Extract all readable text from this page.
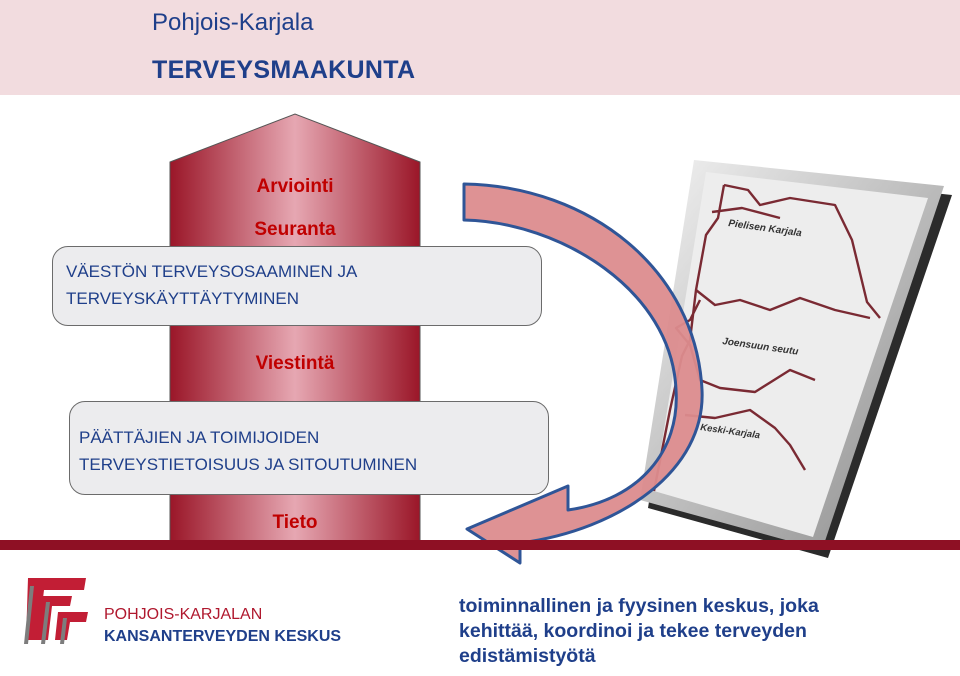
Pohjois-Karjala
TERVEYSMAAKUNTA
Pielisen Karjala
Joensuun seutu
Keski-Karjala
Arviointi
Seuranta
Viestintä
Tieto
VÄESTÖN TERVEYSOSAAMINEN JA
TERVEYSKÄYTTÄYTYMINEN
PÄÄTTÄJIEN JA TOIMIJOIDEN
TERVEYSTIETOISUUS JA SITOUTUMINEN
POHJOIS-KARJALAN
KANSANTERVEYDEN KESKUS
toiminnallinen ja fyysinen keskus, joka
kehittää, koordinoi ja tekee terveyden
edistämistyötä
